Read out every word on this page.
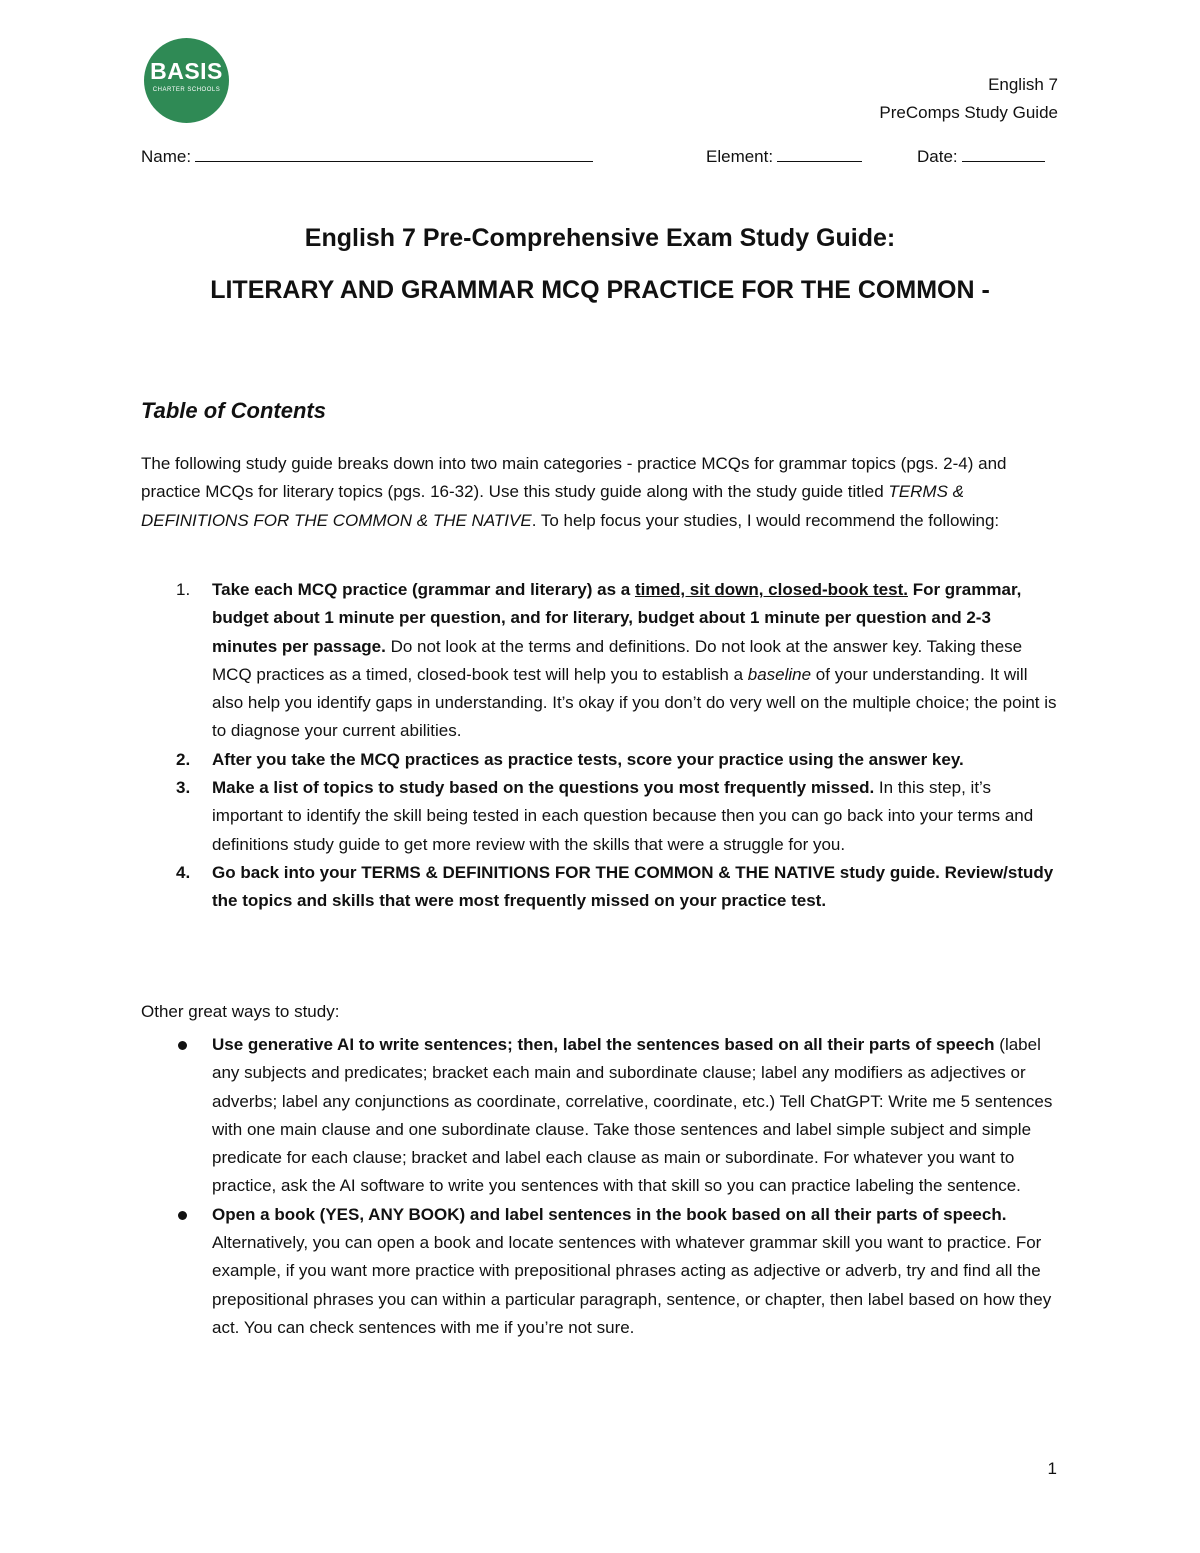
BASIS
CHARTER SCHOOLS	English 7
PreComps Study Guide
Name:	Element:	Date:
English 7 Pre-Comprehensive Exam Study Guide:
LITERARY AND GRAMMAR MCQ PRACTICE FOR THE COMMON -
Table of Contents
The following study guide breaks down into two main categories - practice MCQs for grammar topics (pgs. 2-4) and practice MCQs for literary topics (pgs. 16-32). Use this study guide along with the study guide titled TERMS & DEFINITIONS FOR THE COMMON & THE NATIVE. To help focus your studies, I would recommend the following:
1. Take each MCQ practice (grammar and literary) as a timed, sit down, closed-book test. For grammar, budget about 1 minute per question, and for literary, budget about 1 minute per question and 2-3 minutes per passage. Do not look at the terms and definitions. Do not look at the answer key. Taking these MCQ practices as a timed, closed-book test will help you to establish a baseline of your understanding. It will also help you identify gaps in understanding. It’s okay if you don’t do very well on the multiple choice; the point is to diagnose your current abilities.
2. After you take the MCQ practices as practice tests, score your practice using the answer key.
3. Make a list of topics to study based on the questions you most frequently missed. In this step, it’s important to identify the skill being tested in each question because then you can go back into your terms and definitions study guide to get more review with the skills that were a struggle for you.
4. Go back into your TERMS & DEFINITIONS FOR THE COMMON & THE NATIVE study guide. Review/study the topics and skills that were most frequently missed on your practice test.
Other great ways to study:
Use generative AI to write sentences; then, label the sentences based on all their parts of speech (label any subjects and predicates; bracket each main and subordinate clause; label any modifiers as adjectives or adverbs; label any conjunctions as coordinate, correlative, coordinate, etc.) Tell ChatGPT: Write me 5 sentences with one main clause and one subordinate clause. Take those sentences and label simple subject and simple predicate for each clause; bracket and label each clause as main or subordinate. For whatever you want to practice, ask the AI software to write you sentences with that skill so you can practice labeling the sentence.
Open a book (YES, ANY BOOK) and label sentences in the book based on all their parts of speech. Alternatively, you can open a book and locate sentences with whatever grammar skill you want to practice. For example, if you want more practice with prepositional phrases acting as adjective or adverb, try and find all the prepositional phrases you can within a particular paragraph, sentence, or chapter, then label based on how they act. You can check sentences with me if you’re not sure.
1
